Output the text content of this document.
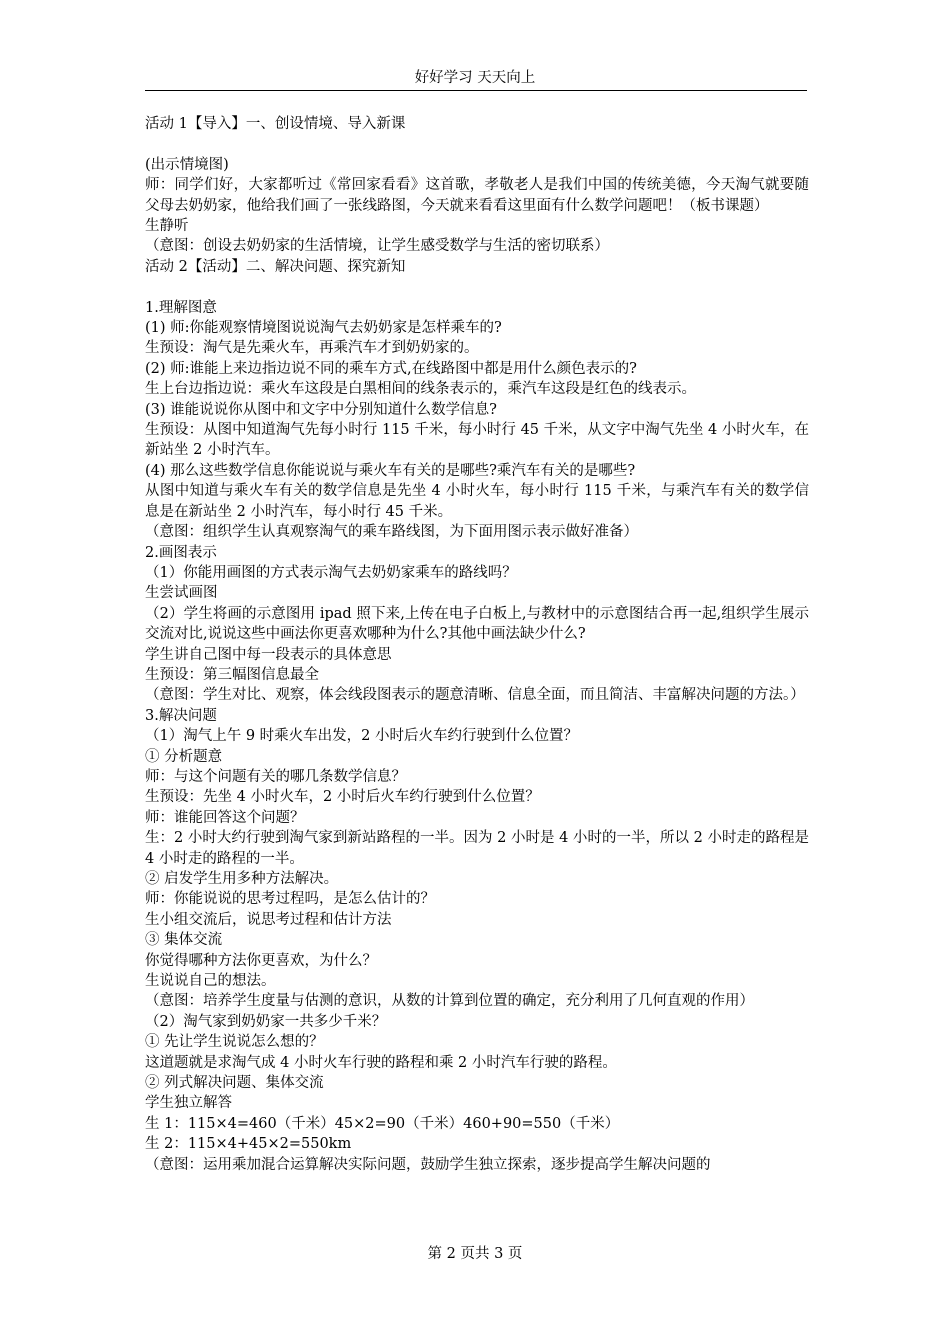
好好学习 天天向上
活动 1【导入】一、创设情境、导入新课
(出示情境图)
师：同学们好，大家都听过《常回家看看》这首歌，孝敬老人是我们中国的传统美德，今天淘气就要随父母去奶奶家，他给我们画了一张线路图，今天就来看看这里面有什么数学问题吧！（板书课题）
生静听
（意图：创设去奶奶家的生活情境，让学生感受数学与生活的密切联系）
活动 2【活动】二、解决问题、探究新知
1.理解图意
(1) 师:你能观察情境图说说淘气去奶奶家是怎样乘车的?
生预设：淘气是先乘火车，再乘汽车才到奶奶家的。
(2) 师:谁能上来边指边说不同的乘车方式,在线路图中都是用什么颜色表示的?
生上台边指边说：乘火车这段是白黑相间的线条表示的，乘汽车这段是红色的线表示。
(3) 谁能说说你从图中和文字中分别知道什么数学信息?
生预设：从图中知道淘气先每小时行 115 千米，每小时行 45 千米，从文字中淘气先坐 4 小时火车，在新站坐 2 小时汽车。
(4) 那么这些数学信息你能说说与乘火车有关的是哪些?乘汽车有关的是哪些?
从图中知道与乘火车有关的数学信息是先坐 4 小时火车，每小时行 115 千米，与乘汽车有关的数学信息是在新站坐 2 小时汽车，每小时行 45 千米。
（意图：组织学生认真观察淘气的乘车路线图，为下面用图示表示做好准备）
2.画图表示
（1）你能用画图的方式表示淘气去奶奶家乘车的路线吗？
生尝试画图
（2）学生将画的示意图用 ipad 照下来,上传在电子白板上,与教材中的示意图结合再一起,组织学生展示交流对比,说说这些中画法你更喜欢哪种为什么?其他中画法缺少什么?
学生讲自己图中每一段表示的具体意思
生预设：第三幅图信息最全
（意图：学生对比、观察，体会线段图表示的题意清晰、信息全面，而且简洁、丰富解决问题的方法。）
3.解决问题
（1）淘气上午 9 时乘火车出发，2 小时后火车约行驶到什么位置？
① 分析题意
师：与这个问题有关的哪几条数学信息？
生预设：先坐 4 小时火车，2 小时后火车约行驶到什么位置？
师：谁能回答这个问题？
生：2 小时大约行驶到淘气家到新站路程的一半。因为 2 小时是 4 小时的一半，所以 2 小时走的路程是 4 小时走的路程的一半。
② 启发学生用多种方法解决。
师：你能说说的思考过程吗，是怎么估计的？
生小组交流后，说思考过程和估计方法
③ 集体交流
你觉得哪种方法你更喜欢，为什么？
生说说自己的想法。
（意图：培养学生度量与估测的意识，从数的计算到位置的确定，充分利用了几何直观的作用）
（2）淘气家到奶奶家一共多少千米？
① 先让学生说说怎么想的？
这道题就是求淘气成 4 小时火车行驶的路程和乘 2 小时汽车行驶的路程。
② 列式解决问题、集体交流
学生独立解答
生 1：115×4=460（千米）45×2=90（千米）460+90=550（千米）
生 2：115×4+45×2=550km
（意图：运用乘加混合运算解决实际问题，鼓励学生独立探索，逐步提高学生解决问题的
第 2 页共 3 页
